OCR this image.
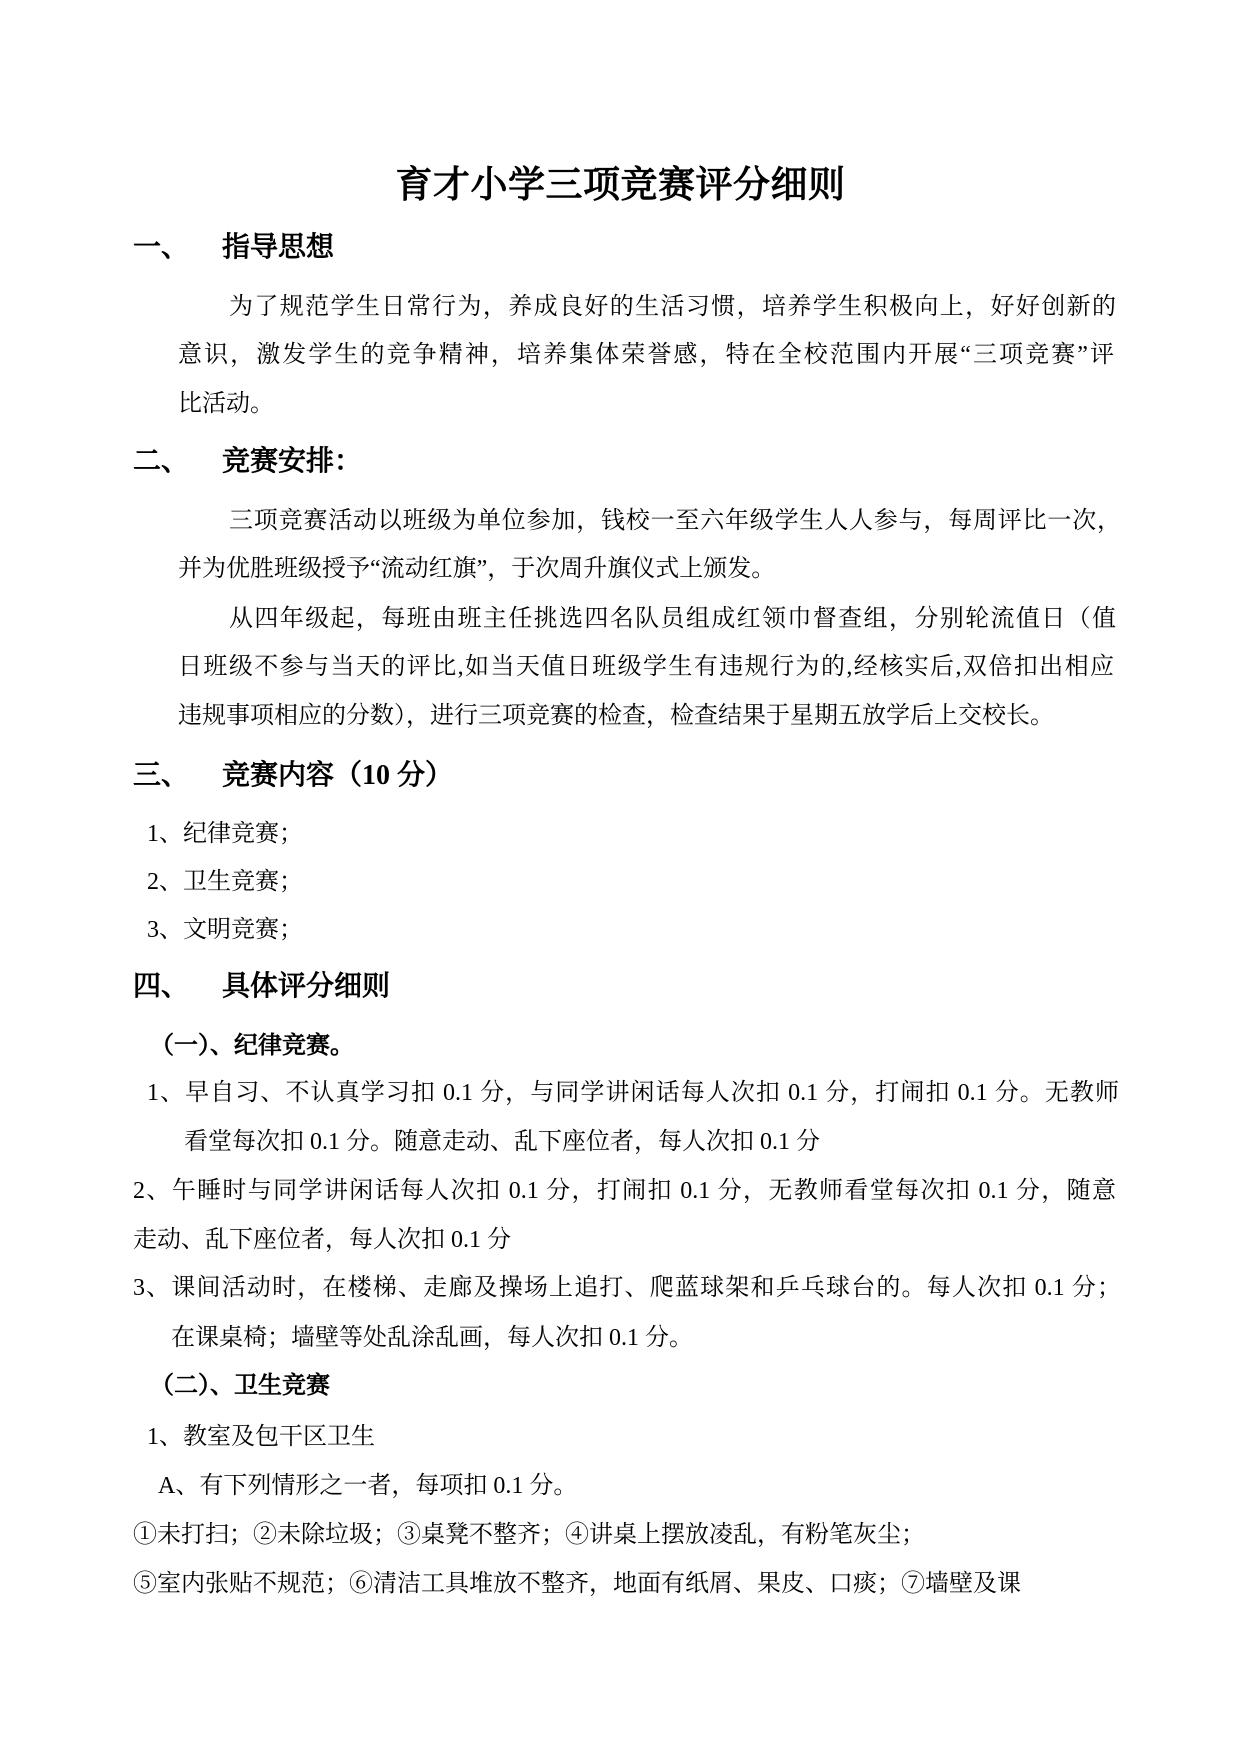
育才小学三项竞赛评分细则
一、 指导思想
为了规范学生日常行为，养成良好的生活习惯，培养学生积极向上，好好创新的
意识，激发学生的竞争精神，培养集体荣誉感，特在全校范围内开展“三项竞赛”评
比活动。
二、 竞赛安排：
三项竞赛活动以班级为单位参加，钱校一至六年级学生人人参与，每周评比一次，
并为优胜班级授予“流动红旗”，于次周升旗仪式上颁发。
从四年级起，每班由班主任挑选四名队员组成红领巾督查组，分别轮流值日（值
日班级不参与当天的评比,如当天值日班级学生有违规行为的,经核实后,双倍扣出相应
违规事项相应的分数），进行三项竞赛的检查，检查结果于星期五放学后上交校长。
三、 竞赛内容（10 分）
1、纪律竞赛；
2、卫生竞赛；
3、文明竞赛；
四、 具体评分细则
（一）、纪律竞赛。
1、早自习、不认真学习扣 0.1 分，与同学讲闲话每人次扣 0.1 分，打闹扣 0.1 分。无教师
看堂每次扣 0.1 分。随意走动、乱下座位者，每人次扣 0.1 分
2、午睡时与同学讲闲话每人次扣 0.1 分，打闹扣 0.1 分，无教师看堂每次扣 0.1 分，随意
走动、乱下座位者，每人次扣 0.1 分
3、课间活动时，在楼梯、走廊及操场上追打、爬蓝球架和乒乓球台的。每人次扣 0.1 分；
在课桌椅；墙壁等处乱涂乱画，每人次扣 0.1 分。
（二）、卫生竞赛
1、教室及包干区卫生
A、有下列情形之一者，每项扣 0.1 分。
①未打扫；②未除垃圾；③桌凳不整齐；④讲桌上摆放凌乱，有粉笔灰尘；
⑤室内张贴不规范；⑥清洁工具堆放不整齐，地面有纸屑、果皮、口痰；⑦墙壁及课
